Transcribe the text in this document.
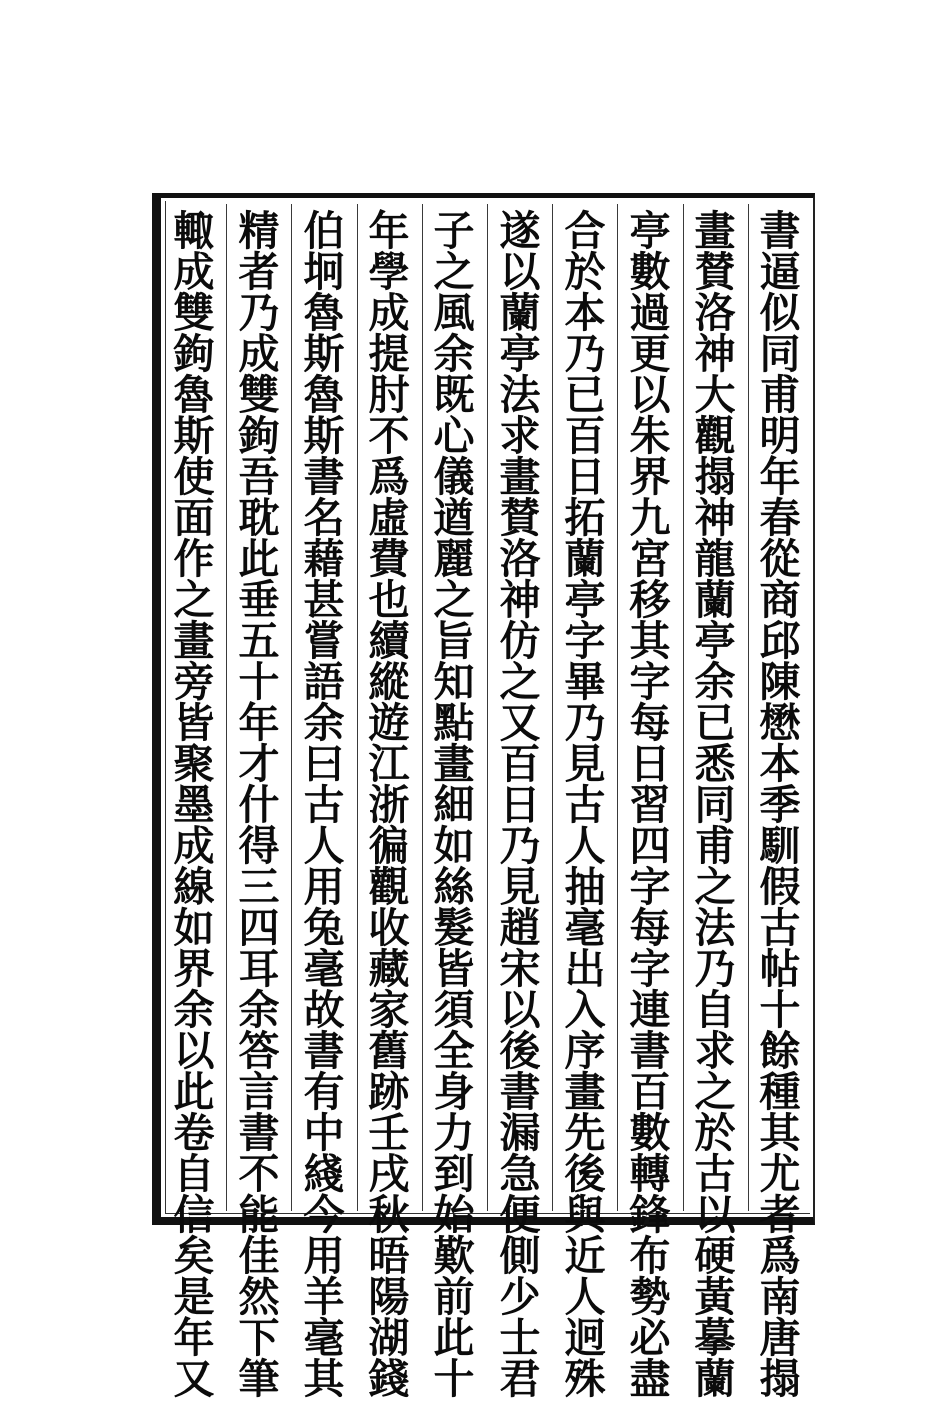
書
逼
似
同
甫
明
年
春
從
商
邱
陳
懋
本
季
馴
假
古
帖
十
餘
種
其
尤
者
爲
南
唐
搨
畫
賛
洛
神
大
觀
搨
神
龍
蘭
亭
余
已
悉
同
甫
之
法
乃
自
求
之
於
古
以
硬
黃
摹
蘭
亭
數
過
更
以
朱
界
九
宮
移
其
字
每
日
習
四
字
每
字
連
書
百
數
轉
鋒
布
勢
必
盡
合
於
本
乃
已
百
日
拓
蘭
亭
字
畢
乃
見
古
人
抽
毫
出
入
序
畫
先
後
與
近
人
迥
殊
遂
以
蘭
亭
法
求
畫
賛
洛
神
仿
之
又
百
日
乃
見
趙
宋
以
後
書
漏
急
便
側
少
士
君
子
之
風
余
既
心
儀
遒
麗
之
旨
知
點
畫
細
如
絲
髮
皆
須
全
身
力
到
始
歎
前
此
十
年
學
成
提
肘
不
爲
虛
費
也
續
縱
遊
江
浙
徧
觀
收
藏
家
舊
跡
壬
戌
秋
晤
陽
湖
錢
伯
坰
魯
斯
魯
斯
書
名
藉
甚
嘗
語
余
曰
古
人
用
兔
毫
故
書
有
中
綫
今
用
羊
毫
其
精
者
乃
成
雙
鉤
吾
耽
此
垂
五
十
年
才
什
得
三
四
耳
余
答
言
書
不
能
佳
然
下
筆
輙
成
雙
鉤
魯
斯
使
面
作
之
畫
旁
皆
聚
墨
成
線
如
界
余
以
此
卷
自
信
矣
是
年
又
